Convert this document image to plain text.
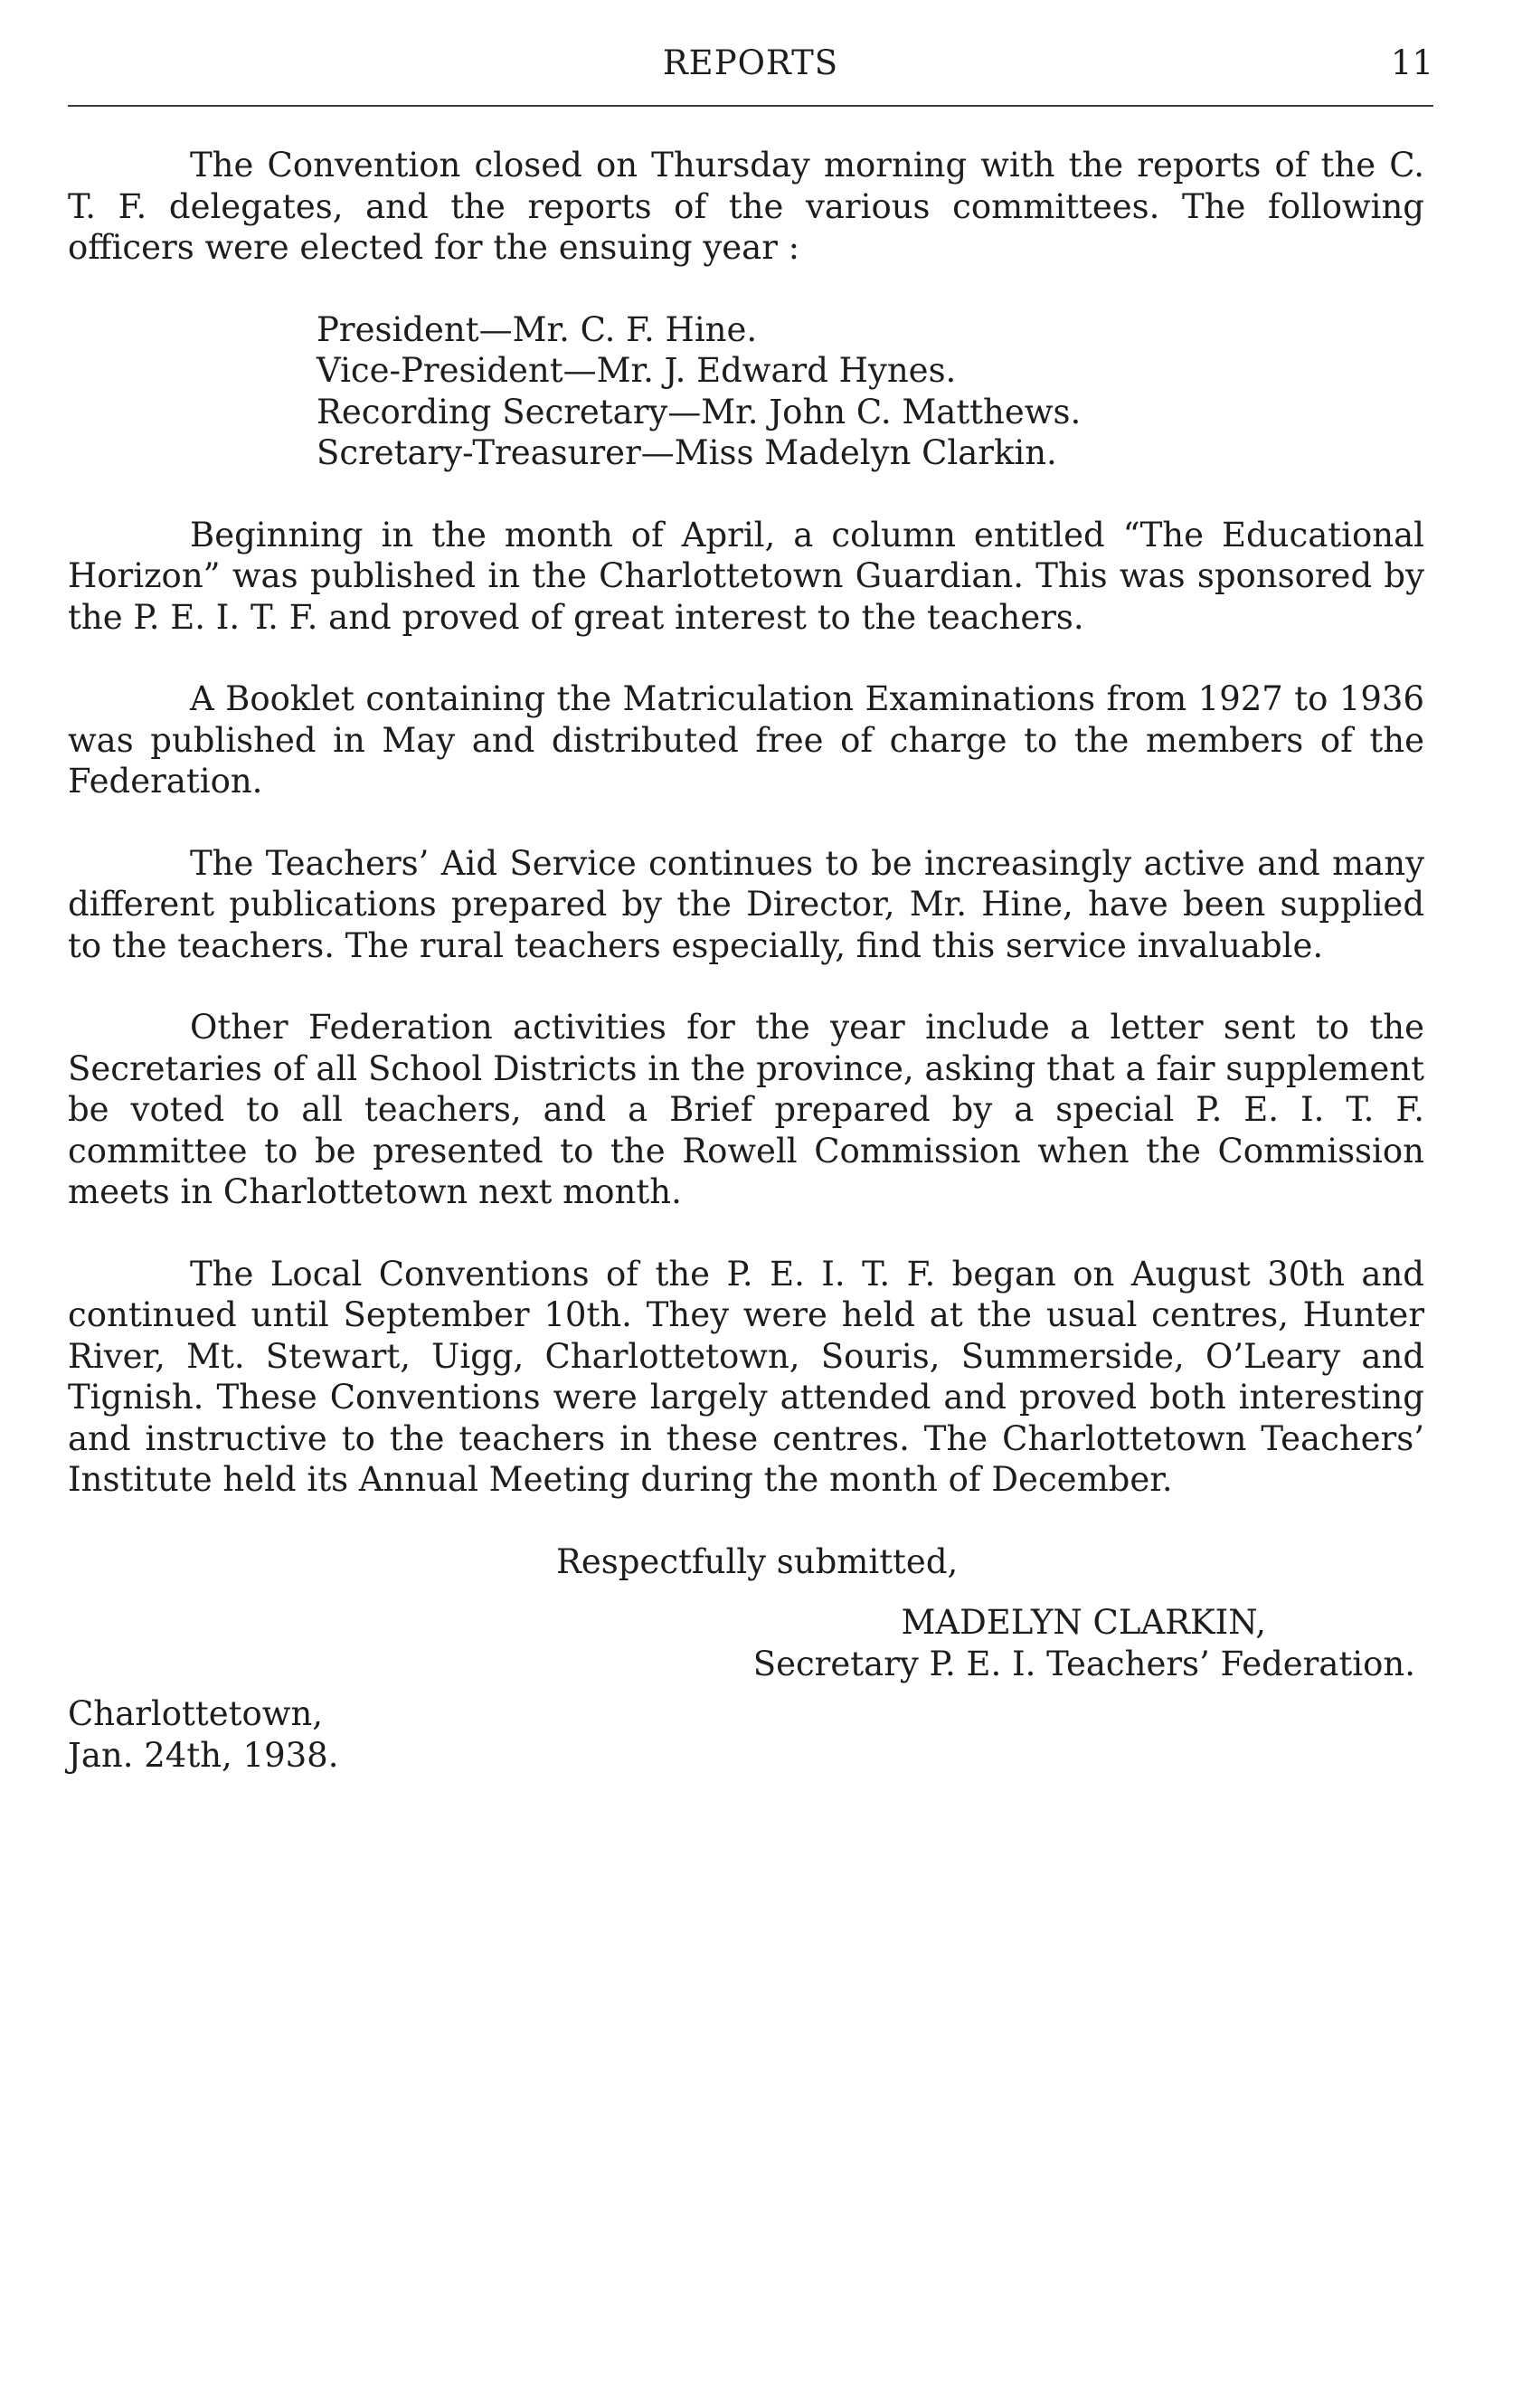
REPORTS	11

The Convention closed on Thursday morning with the reports of the C. T. F. delegates, and the reports of the various committees. The following officers were elected for the ensuing year :

President—Mr. C. F. Hine.
Vice-President—Mr. J. Edward Hynes.
Recording Secretary—Mr. John C. Matthews.
Scretary-Treasurer—Miss Madelyn Clarkin.

Beginning in the month of April, a column entitled “The Educational Horizon” was published in the Charlottetown Guardian. This was sponsored by the P. E. I. T. F. and proved of great interest to the teachers.

A Booklet containing the Matriculation Examinations from 1927 to 1936 was published in May and distributed free of charge to the members of the Federation.

The Teachers’ Aid Service continues to be increasingly active and many different publications prepared by the Director, Mr. Hine, have been supplied to the teachers. The rural teachers especially, find this service invaluable.

Other Federation activities for the year include a letter sent to the Secretaries of all School Districts in the province, asking that a fair supplement be voted to all teachers, and a Brief prepared by a special P. E. I. T. F. committee to be presented to the Rowell Commission when the Commission meets in Charlottetown next month.

The Local Conventions of the P. E. I. T. F. began on August 30th and continued until September 10th. They were held at the usual centres, Hunter River, Mt. Stewart, Uigg, Charlottetown, Souris, Summerside, O’Leary and Tignish. These Conventions were largely attended and proved both interesting and instructive to the teachers in these centres. The Charlottetown Teachers’ Institute held its Annual Meeting during the month of December.

Respectfully submitted,

MADELYN CLARKIN,

Secretary P. E. I. Teachers’ Federation.

Charlottetown,
Jan. 24th, 1938.
